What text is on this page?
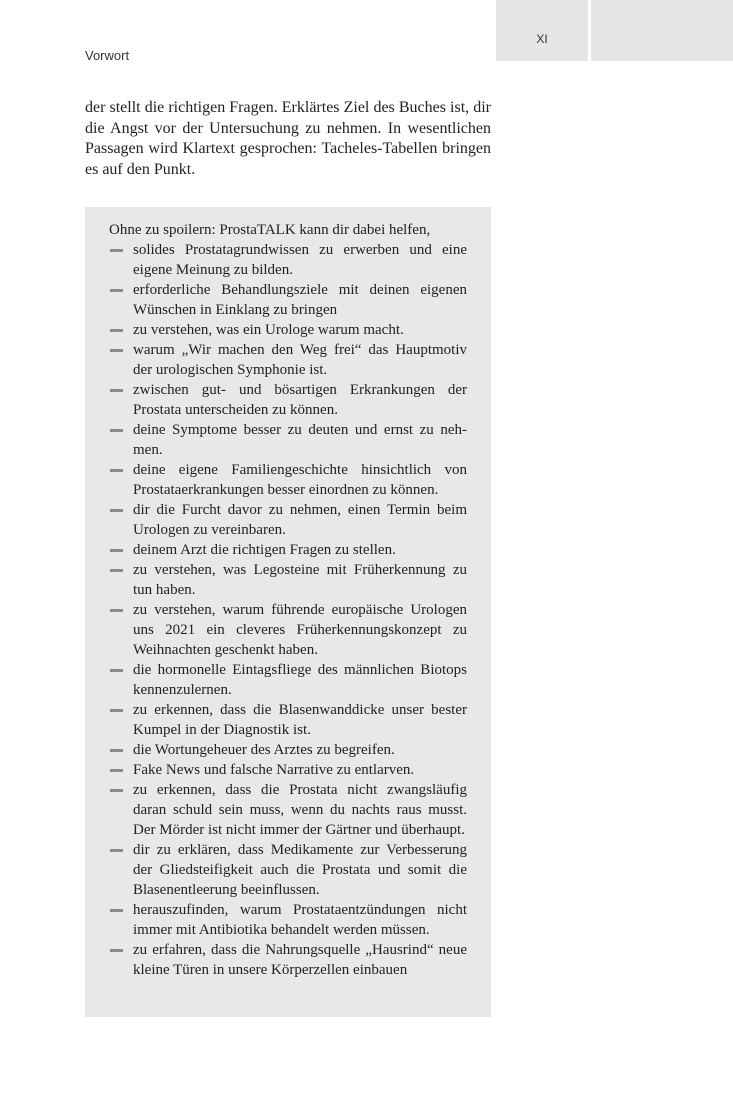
XI
Vorwort

der stellt die richtigen Fragen. Erklärtes Ziel des Buches ist, dir die Angst vor der Untersuchung zu nehmen. In wesentlichen Passagen wird Klartext gesprochen: Tacheles-Tabellen bringen es auf den Punkt.

Ohne zu spoilern: ProstaTALK kann dir dabei helfen,

solides Prostatagrundwissen zu erwerben und eine eigene Meinung zu bilden.
erforderliche Behandlungsziele mit deinen eigenen Wünschen in Einklang zu bringen
zu verstehen, was ein Urologe warum macht.
warum „Wir machen den Weg frei“ das Hauptmotiv der urologischen Symphonie ist.
zwischen gut- und bösartigen Erkrankungen der Prostata unterscheiden zu können.
deine Symptome besser zu deuten und ernst zu nehmen.
deine eigene Familiengeschichte hinsichtlich von Prostataerkrankungen besser einordnen zu können.
dir die Furcht davor zu nehmen, einen Termin beim Urologen zu vereinbaren.
deinem Arzt die richtigen Fragen zu stellen.
zu verstehen, was Legosteine mit Früherkennung zu tun haben.
zu verstehen, warum führende europäische Urologen uns 2021 ein cleveres Früherkennungskonzept zu Weihnachten geschenkt haben.
die hormonelle Eintagsfliege des männlichen Biotops kennenzulernen.
zu erkennen, dass die Blasenwanddicke unser bester Kumpel in der Diagnostik ist.
die Wortungeheuer des Arztes zu begreifen.
Fake News und falsche Narrative zu entlarven.
zu erkennen, dass die Prostata nicht zwangsläufig daran schuld sein muss, wenn du nachts raus musst. Der Mörder ist nicht immer der Gärtner und überhaupt.
dir zu erklären, dass Medikamente zur Verbesserung der Gliedsteifigkeit auch die Prostata und somit die Blasenentleerung beeinflussen.
herauszufinden, warum Prostataentzündungen nicht immer mit Antibiotika behandelt werden müssen.
zu erfahren, dass die Nahrungsquelle „Hausrind“ neue kleine Türen in unsere Körperzellen einbauen
